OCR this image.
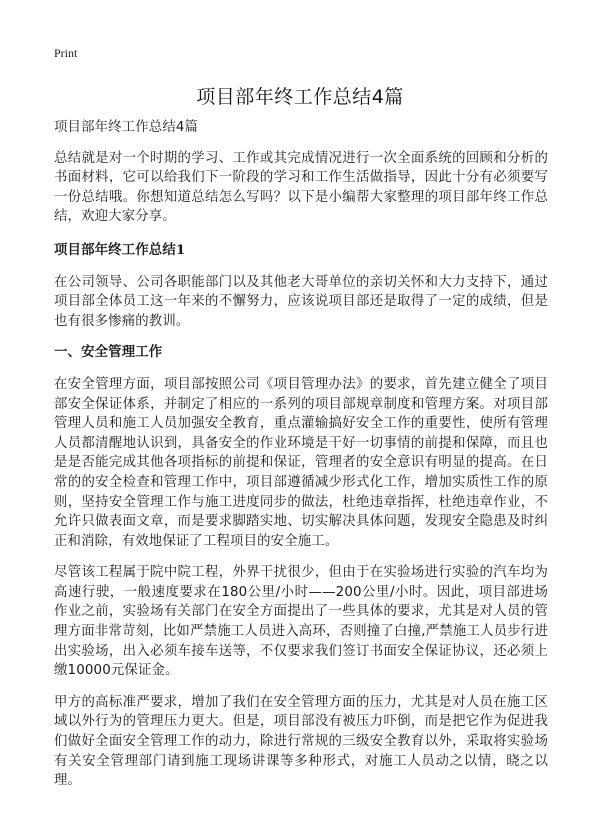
Print
项目部年终工作总结4篇

项目部年终工作总结4篇

总结就是对一个时期的学习、工作或其完成情况进行一次全面系统的回顾和分析的书面材料，它可以给我们下一阶段的学习和工作生活做指导，因此十分有必须要写一份总结哦。你想知道总结怎么写吗？以下是小编帮大家整理的项目部年终工作总结，欢迎大家分享。

项目部年终工作总结1

在公司领导、公司各职能部门以及其他老大哥单位的亲切关怀和大力支持下，通过项目部全体员工这一年来的不懈努力，应该说项目部还是取得了一定的成绩，但是也有很多惨痛的教训。

一、安全管理工作

在安全管理方面，项目部按照公司《项目管理办法》的要求，首先建立健全了项目部安全保证体系，并制定了相应的一系列的项目部规章制度和管理方案。对项目部管理人员和施工人员加强安全教育，重点灌输搞好安全工作的重要性，使所有管理人员都清醒地认识到，具备安全的作业环境是干好一切事情的前提和保障，而且也是是否能完成其他各项指标的前提和保证，管理者的安全意识有明显的提高。在日常的的安全检查和管理工作中，项目部遵循减少形式化工作，增加实质性工作的原则，坚持安全管理工作与施工进度同步的做法，杜绝违章指挥，杜绝违章作业，不允许只做表面文章，而是要求脚踏实地、切实解决具体问题，发现安全隐患及时纠正和消除，有效地保证了工程项目的安全施工。

尽管该工程属于院中院工程，外界干扰很少，但由于在实验场进行实验的汽车均为高速行驶，一般速度要求在180公里/小时——200公里/小时。因此，项目部进场作业之前，实验场有关部门在安全方面提出了一些具体的要求，尤其是对人员的管理方面非常苛刻，比如严禁施工人员进入高环，否则撞了白撞,严禁施工人员步行进出实验场，出入必须车接车送等，不仅要求我们签订书面安全保证协议，还必须上缴10000元保证金。

甲方的高标准严要求，增加了我们在安全管理方面的压力，尤其是对人员在施工区域以外行为的管理压力更大。但是，项目部没有被压力吓倒，而是把它作为促进我们做好全面安全管理工作的动力，除进行常规的三级安全教育以外，采取将实验场有关安全管理部门请到施工现场讲课等多种形式，对施工人员动之以情，晓之以理。
